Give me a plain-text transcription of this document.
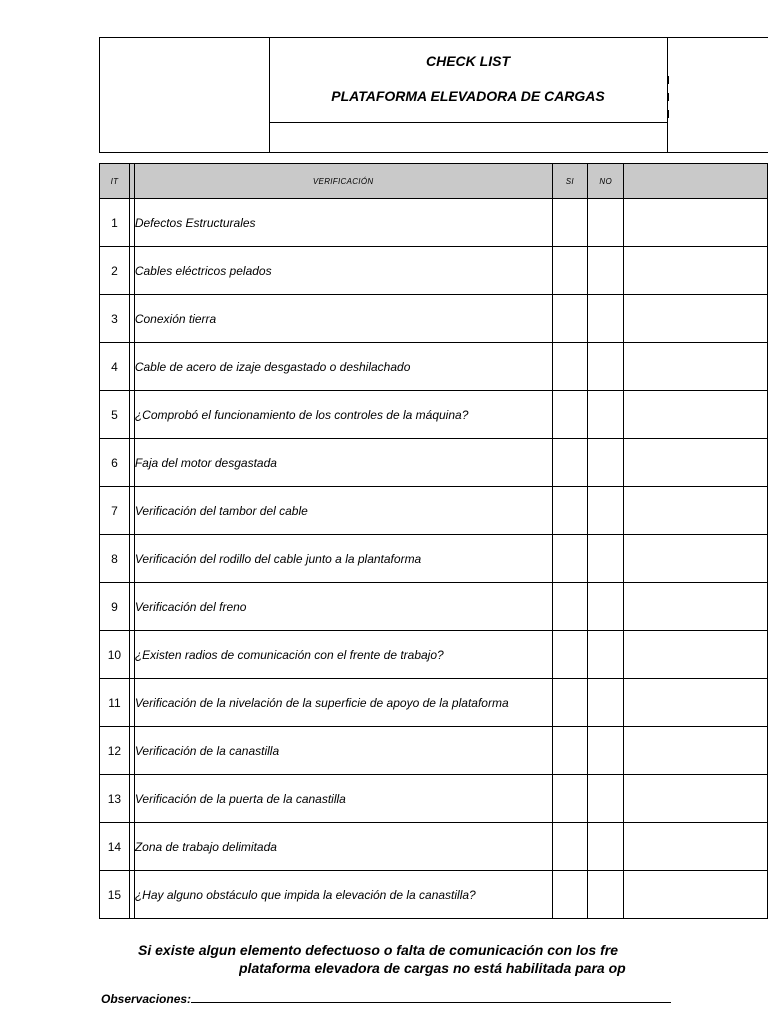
CHECK LIST
PLATAFORMA ELEVADORA DE CARGAS
IT		VERIFICACIÓN	SI	NO	
1		Defectos Estructurales			
2		Cables eléctricos pelados			
3		Conexión tierra			
4		Cable de acero de izaje desgastado o deshilachado			
5		¿Comprobó el funcionamiento de los controles de la máquina?			
6		Faja del motor desgastada			
7		Verificación del tambor del cable			
8		Verificación del rodillo del cable junto a la plantaforma			
9		Verificación del freno			
10		¿Existen radios de comunicación con el frente de trabajo?			
11		Verificación de la nivelación de la superficie de apoyo de la plataforma			
12		Verificación de la canastilla			
13		Verificación de la puerta de la canastilla			
14		Zona de trabajo delimitada			
15		¿Hay alguno obstáculo que impida la elevación de la canastilla?			
Si existe algun elemento defectuoso o falta de comunicación con los fre
plataforma elevadora de cargas no está habilitada para op
Observaciones:
